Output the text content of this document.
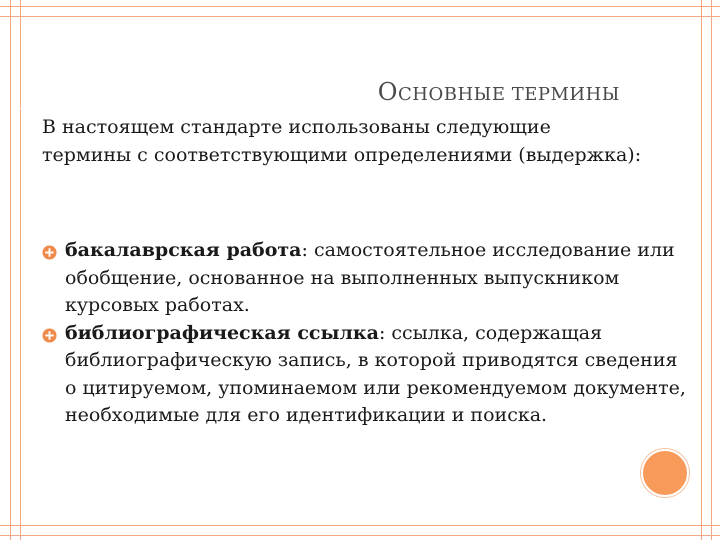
ОСНОВНЫЕ ТЕРМИНЫ
В настоящем стандарте использованы следующие термины с соответствующими определениями (выдержка):
бакалаврская работа: самостоятельное исследование или обобщение, основанное на выполненных выпускником курсовых работах.
библиографическая ссылка: ссылка, содержащая библиографическую запись, в которой приводятся сведения о цитируемом, упоминаемом или рекомендуемом документе, необходимые для его идентификации и поиска.
